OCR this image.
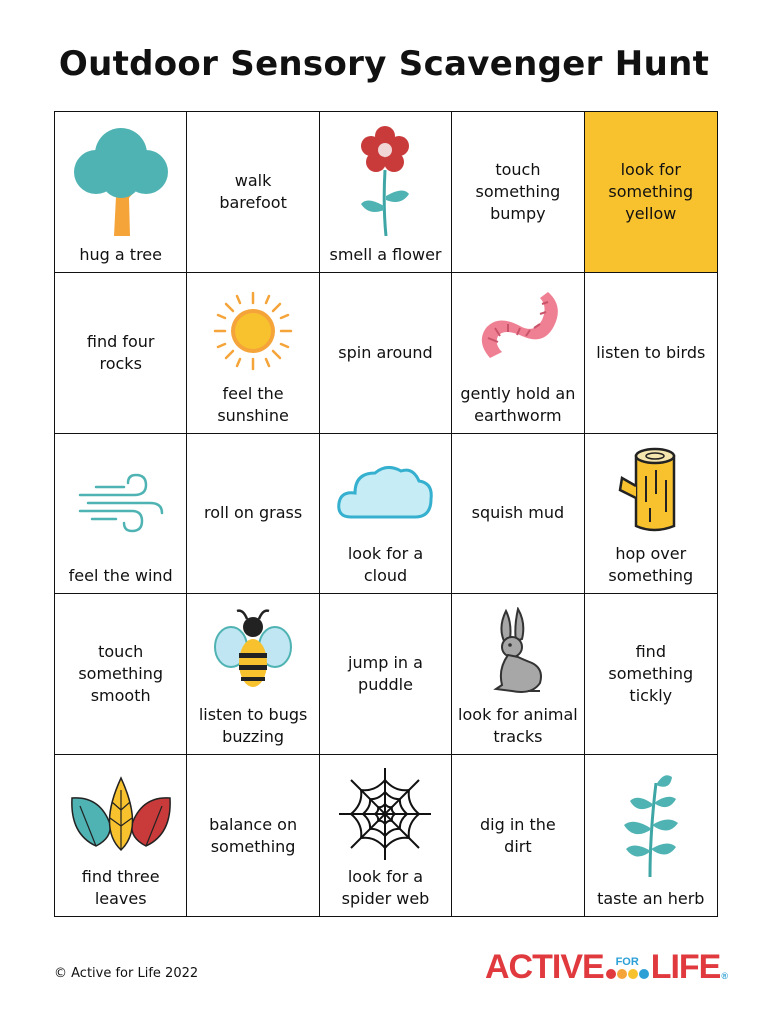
Outdoor Sensory Scavenger Hunt
hug a tree
walk
barefoot
smell a flower
touch
something
bumpy
look for
something
yellow
find four
rocks
feel the
sunshine
spin around
gently hold an
earthworm
listen to birds
feel the wind
roll on grass
look for a cloud
squish mud
hop over
something
touch
something
smooth
listen to bugs
buzzing
jump in a
puddle
look for animal
tracks
find
something
tickly
find three
leaves
balance on
something
look for a
spider web
dig in the
dirt
taste an herb
© Active for Life 2022	ACTIVE FOR LIFE ®
